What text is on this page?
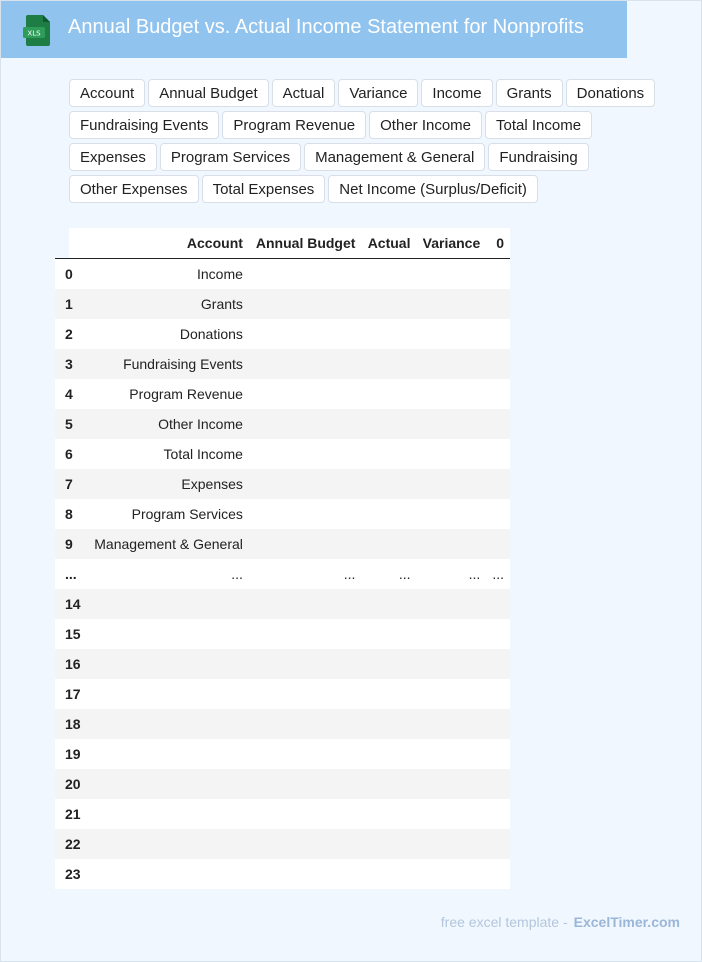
XLS Annual Budget vs. Actual Income Statement for Nonprofits
Account	Annual Budget	Actual	Variance	Income	Grants	Donations
Fundraising Events	Program Revenue	Other Income	Total Income
Expenses	Program Services	Management & General	Fundraising
Other Expenses	Total Expenses	Net Income (Surplus/Deficit)
	Account	Annual Budget	Actual	Variance	0
0	Income				
1	Grants				
2	Donations				
3	Fundraising Events				
4	Program Revenue				
5	Other Income				
6	Total Income				
7	Expenses				
8	Program Services				
9	Management & General				
...	...	...	...	...	...
14					
15					
16					
17					
18					
19					
20					
21					
22					
23					
free excel template - ExcelTimer.com
